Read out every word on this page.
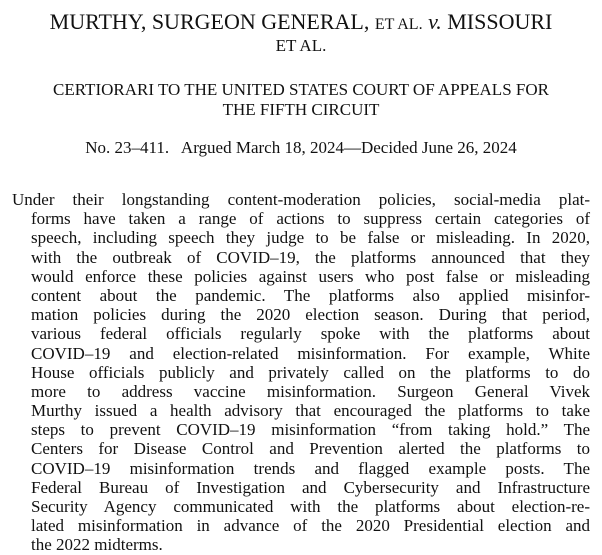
MURTHY, SURGEON GENERAL, ET AL. v. MISSOURI
ET AL.
CERTIORARI TO THE UNITED STATES COURT OF APPEALS FOR
THE FIFTH CIRCUIT
No. 23–411.   Argued March 18, 2024—Decided June 26, 2024
Under their longstanding content-moderation policies, social-media plat-
forms have taken a range of actions to suppress certain categories of
speech, including speech they judge to be false or misleading. In 2020,
with the outbreak of COVID–19, the platforms announced that they
would enforce these policies against users who post false or misleading
content about the pandemic. The platforms also applied misinfor-
mation policies during the 2020 election season. During that period,
various federal officials regularly spoke with the platforms about
COVID–19 and election-related misinformation. For example, White
House officials publicly and privately called on the platforms to do
more to address vaccine misinformation. Surgeon General Vivek
Murthy issued a health advisory that encouraged the platforms to take
steps to prevent COVID–19 misinformation “from taking hold.” The
Centers for Disease Control and Prevention alerted the platforms to
COVID–19 misinformation trends and flagged example posts. The
Federal Bureau of Investigation and Cybersecurity and Infrastructure
Security Agency communicated with the platforms about election-re-
lated misinformation in advance of the 2020 Presidential election and
the 2022 midterms.
